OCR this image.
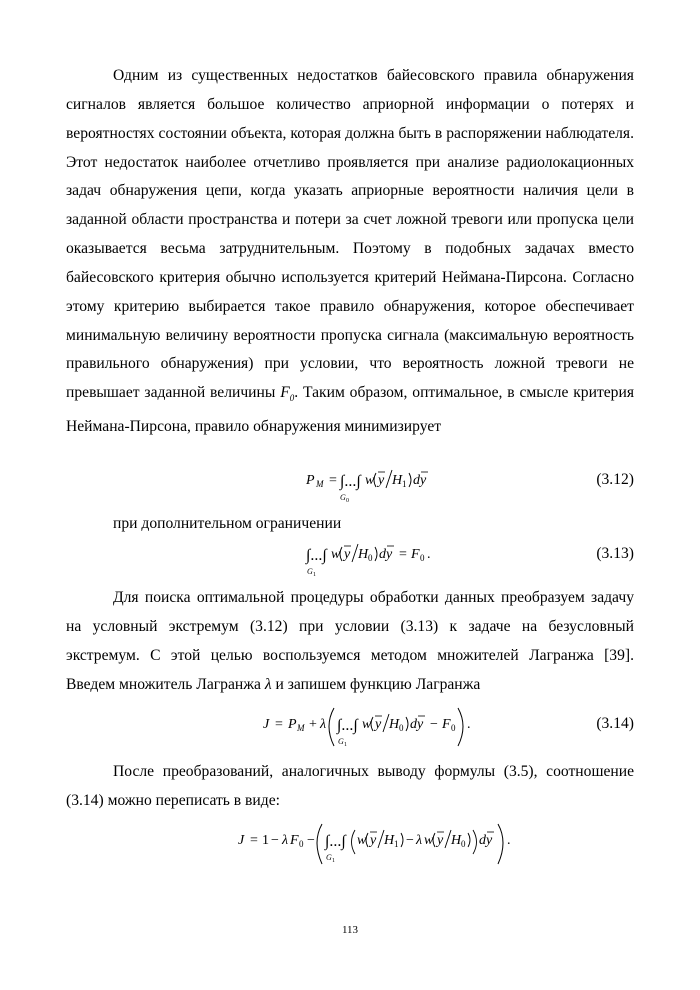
Одним из существенных недостатков байесовского правила обнаружения сигналов является большое количество априорной информации о потерях и вероятностях состоянии объекта, которая должна быть в распоряжении наблюдателя. Этот недостаток наиболее отчетливо проявляется при анализе радиолокационных задач обнаружения цепи, когда указать априорные вероятности наличия цели в заданной области пространства и потери за счет ложной тревоги или пропуска цели оказывается весьма затруднительным. Поэтому в подобных задачах вместо байесовского критерия обычно используется критерий Неймана-Пирсона. Согласно этому критерию выбирается такое правило обнаружения, которое обеспечивает минимальную величину вероятности пропуска сигнала (максимальную вероятность правильного обнаружения) при условии, что вероятность ложной тревоги не превышает заданной величины $F_0$. Таким образом, оптимальное, в смысле критерия Неймана-Пирсона, правило обнаружения минимизирует

P M = ∫...∫
G 0
w y H 1 dy	(3.12)

при дополнительном ограничении

∫...∫
G 1
w y H 0 dy = F 0 .	(3.13)

Для поиска оптимальной процедуры обработки данных преобразуем задачу на условный экстремум (3.12) при условии (3.13) к задаче на безусловный экстремум. С этой целью воспользуемся методом множителей Лагранжа [39]. Введем множитель Лагранжа λ и запишем функцию Лагранжа

J = P M + λ ∫...∫
G 1
w y H 0 dy − F 0 .	(3.14)

После преобразований, аналогичных выводу формулы (3.5), соотношение (3.14) можно переписать в виде:

J = 1 − λ F 0 − ∫...∫
G 1
w y H 1 − λ w y H 0 dy .
113
